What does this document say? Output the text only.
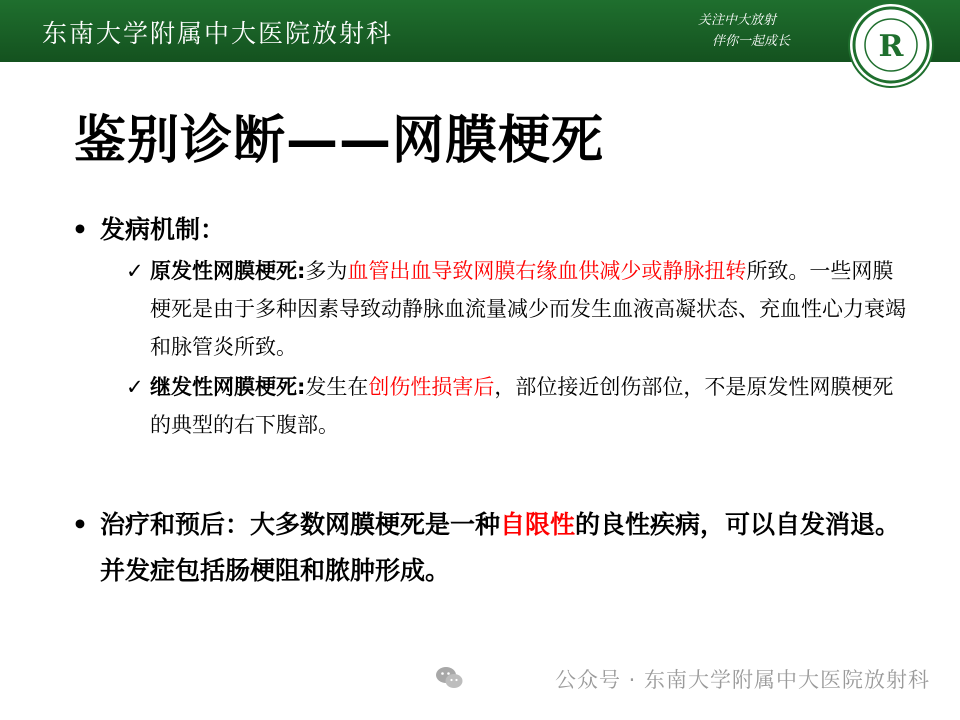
东南大学附属中大医院放射科	关注中大放射
伴你一起成长	R
鉴别诊断——网膜梗死
• 发病机制：
✓ 原发性网膜梗死:多为血管出血导致网膜右缘血供减少或静脉扭转所致。一些网膜梗死是由于多种因素导致动静脉血流量减少而发生血液高凝状态、充血性心力衰竭和脉管炎所致。
✓ 继发性网膜梗死:发生在创伤性损害后，部位接近创伤部位，不是原发性网膜梗死的典型的右下腹部。
• 治疗和预后：大多数网膜梗死是一种自限性的良性疾病，可以自发消退。并发症包括肠梗阻和脓肿形成。
公众号 · 东南大学附属中大医院放射科
